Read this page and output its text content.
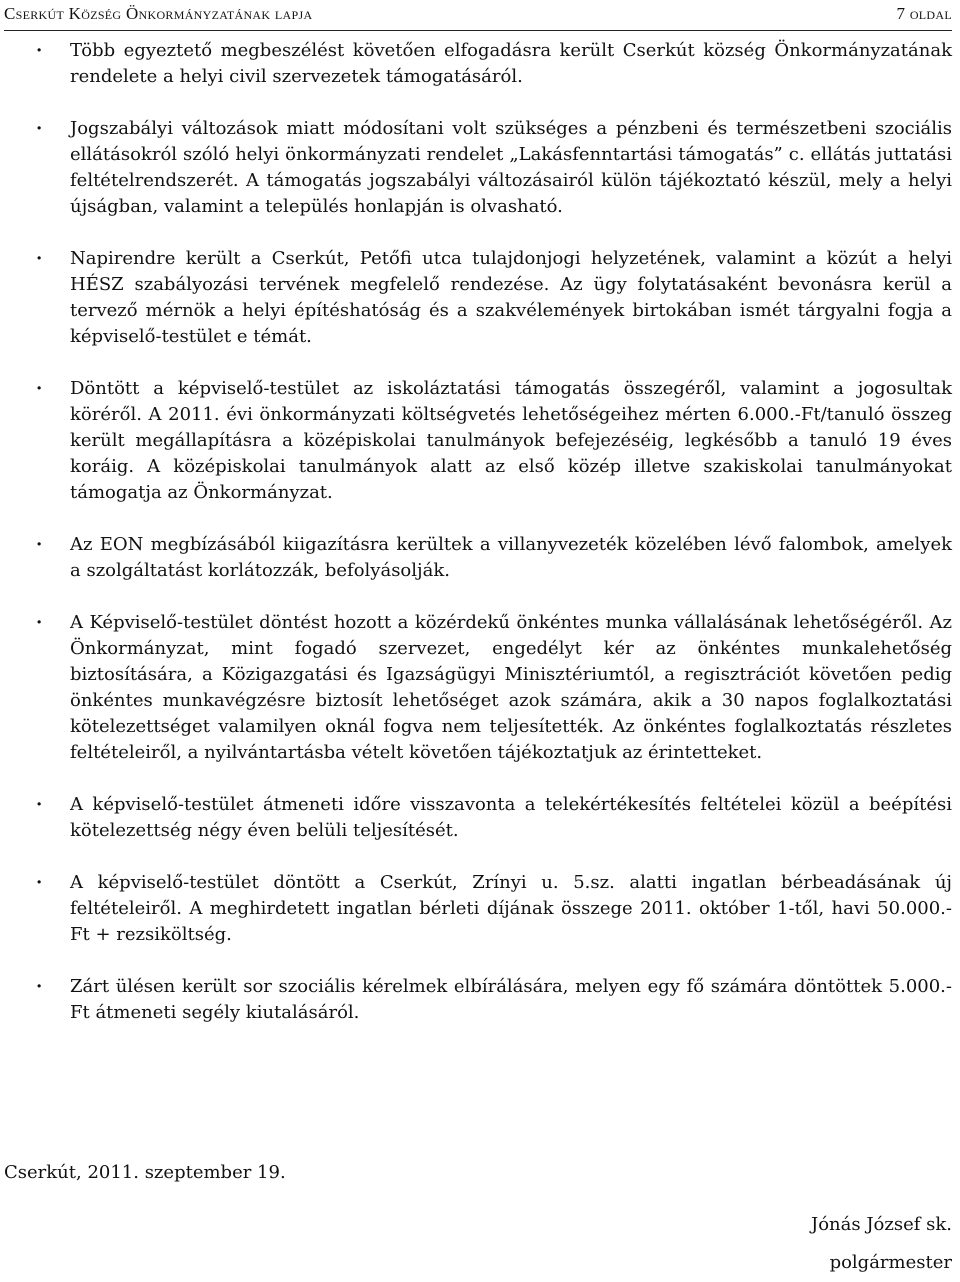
Cserkút Község Önkormányzatának lapja	7 oldal
· Több egyeztető megbeszélést követően elfogadásra került Cserkút község Önkormányzatának rendelete a helyi civil szervezetek támogatásáról.
· Jogszabályi változások miatt módosítani volt szükséges a pénzbeni és természetbeni szociális ellátásokról szóló helyi önkormányzati rendelet „Lakásfenntartási támogatás” c. ellátás juttatási feltételrendszerét. A támogatás jogszabályi változásairól külön tájékoztató készül, mely a helyi újságban, valamint a település honlapján is olvasható.
· Napirendre került a Cserkút, Petőfi utca tulajdonjogi helyzetének, valamint a közút a helyi HÉSZ szabályozási tervének megfelelő rendezése. Az ügy folytatásaként bevonásra kerül a tervező mérnök a helyi építéshatóság és a szakvélemények birtokában ismét tárgyalni fogja a képviselő-testület e témát.
· Döntött a képviselő-testület az iskoláztatási támogatás összegéről, valamint a jogosultak köréről. A 2011. évi önkormányzati költségvetés lehetőségeihez mérten 6.000.-Ft/tanuló összeg került megállapításra a középiskolai tanulmányok befejezéséig, legkésőbb a tanuló 19 éves koráig. A középiskolai tanulmányok alatt az első közép illetve szakiskolai tanulmányokat támogatja az Önkormányzat.
· Az EON megbízásából kiigazításra kerültek a villanyvezeték közelében lévő falombok, amelyek a szolgáltatást korlátozzák, befolyásolják.
· A Képviselő-testület döntést hozott a közérdekű önkéntes munka vállalásának lehetőségéről. Az Önkormányzat, mint fogadó szervezet, engedélyt kér az önkéntes munkalehetőség biztosítására, a Közigazgatási és Igazságügyi Minisztériumtól, a regisztrációt követően pedig önkéntes munkavégzésre biztosít lehetőséget azok számára, akik a 30 napos foglalkoztatási kötelezettséget valamilyen oknál fogva nem teljesítették. Az önkéntes foglalkoztatás részletes feltételeiről, a nyilvántartásba vételt követően tájékoztatjuk az érintetteket.
· A képviselő-testület átmeneti időre visszavonta a telekértékesítés feltételei közül a beépítési kötelezettség négy éven belüli teljesítését.
· A képviselő-testület döntött a Cserkút, Zrínyi u. 5.sz. alatti ingatlan bérbeadásának új feltételeiről. A meghirdetett ingatlan bérleti díjának összege 2011. október 1-től, havi 50.000.-Ft + rezsiköltség.
· Zárt ülésen került sor szociális kérelmek elbírálására, melyen egy fő számára döntöttek 5.000.-Ft átmeneti segély kiutalásáról.
Cserkút, 2011. szeptember 19.
Jónás József sk.
polgármester
